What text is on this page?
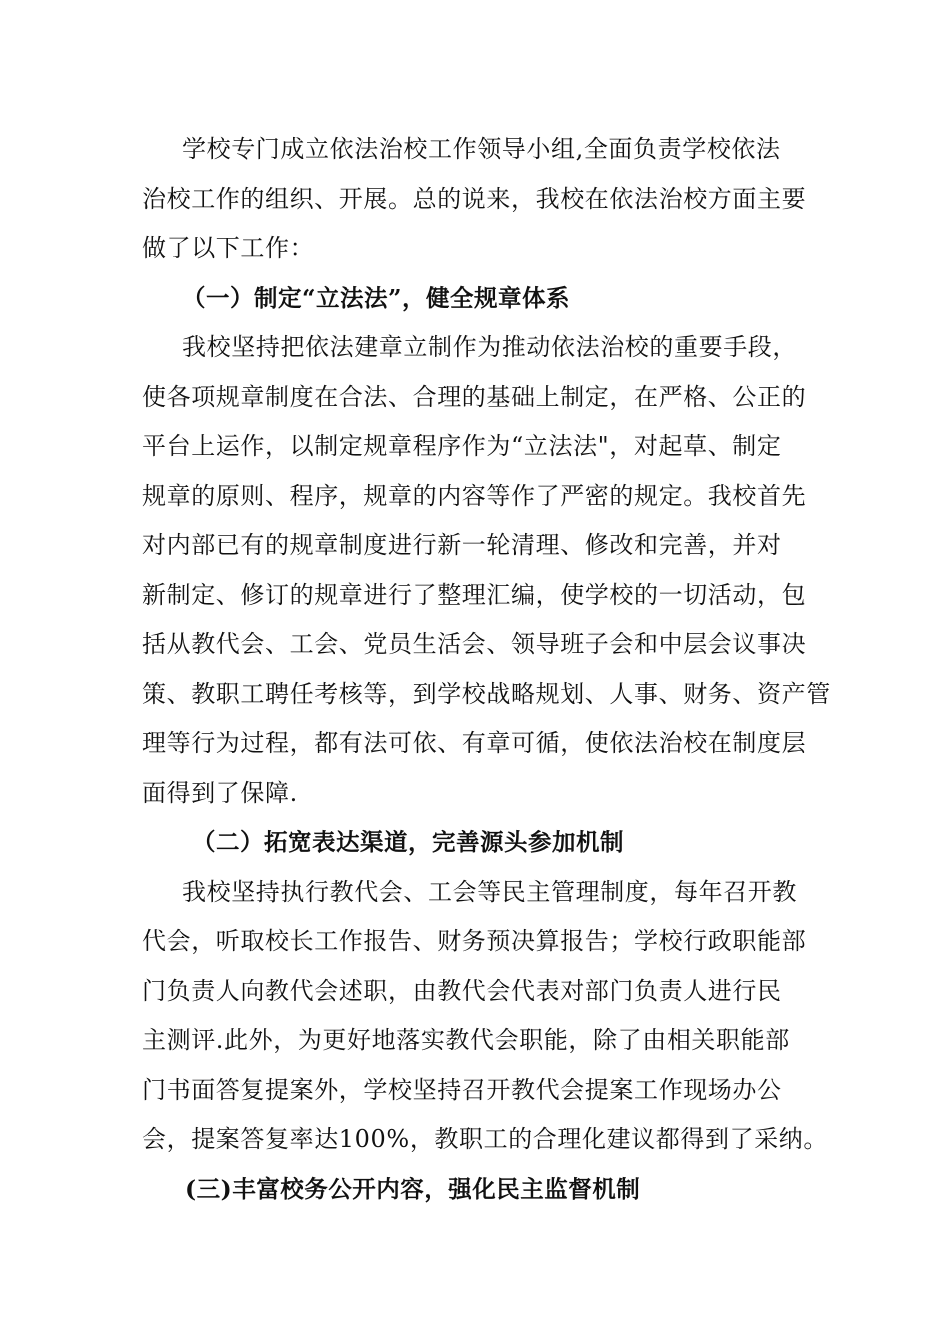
学校专门成立依法治校工作领导小组,全面负责学校依法
治校工作的组织、开展。总的说来，我校在依法治校方面主要
做了以下工作：
（一）制定“立法法”，健全规章体系
我校坚持把依法建章立制作为推动依法治校的重要手段，
使各项规章制度在合法、合理的基础上制定，在严格、公正的
平台上运作，以制定规章程序作为“立法法"，对起草、制定
规章的原则、程序，规章的内容等作了严密的规定。我校首先
对内部已有的规章制度进行新一轮清理、修改和完善，并对
新制定、修订的规章进行了整理汇编，使学校的一切活动，包
括从教代会、工会、党员生活会、领导班子会和中层会议事决
策、教职工聘任考核等，到学校战略规划、人事、财务、资产管
理等行为过程，都有法可依、有章可循，使依法治校在制度层
面得到了保障.
（二）拓宽表达渠道，完善源头参加机制
我校坚持执行教代会、工会等民主管理制度，每年召开教
代会，听取校长工作报告、财务预决算报告；学校行政职能部
门负责人向教代会述职，由教代会代表对部门负责人进行民
主测评.此外，为更好地落实教代会职能，除了由相关职能部
门书面答复提案外，学校坚持召开教代会提案工作现场办公
会，提案答复率达100%，教职工的合理化建议都得到了采纳。
(三)丰富校务公开内容，强化民主监督机制
